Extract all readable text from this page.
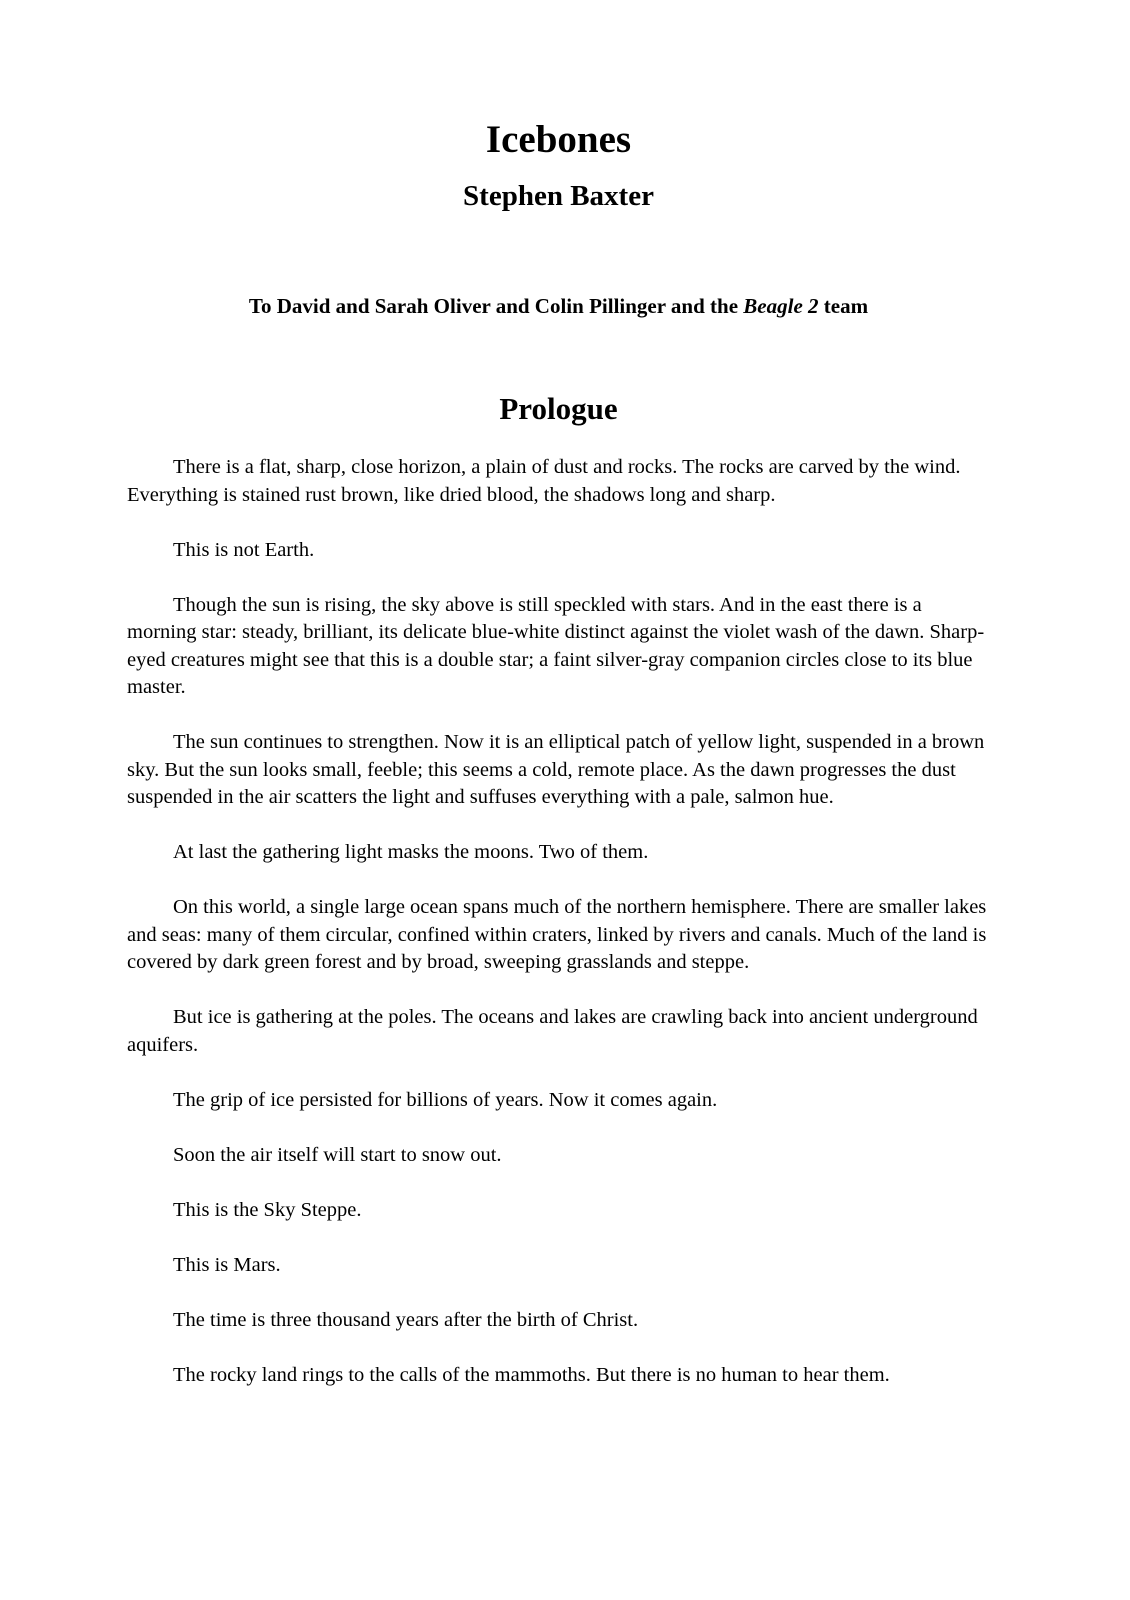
Icebones
Stephen Baxter
To David and Sarah Oliver and Colin Pillinger and the Beagle 2 team
Prologue

There is a flat, sharp, close horizon, a plain of dust and rocks. The rocks are carved by the wind. Everything is stained rust brown, like dried blood, the shadows long and sharp.

This is not Earth.

Though the sun is rising, the sky above is still speckled with stars. And in the east there is a morning star: steady, brilliant, its delicate blue-white distinct against the violet wash of the dawn. Sharp-eyed creatures might see that this is a double star; a faint silver-gray companion circles close to its blue master.

The sun continues to strengthen. Now it is an elliptical patch of yellow light, suspended in a brown sky. But the sun looks small, feeble; this seems a cold, remote place. As the dawn progresses the dust suspended in the air scatters the light and suffuses everything with a pale, salmon hue.

At last the gathering light masks the moons. Two of them.

On this world, a single large ocean spans much of the northern hemisphere. There are smaller lakes and seas: many of them circular, confined within craters, linked by rivers and canals. Much of the land is covered by dark green forest and by broad, sweeping grasslands and steppe.

But ice is gathering at the poles. The oceans and lakes are crawling back into ancient underground aquifers.

The grip of ice persisted for billions of years. Now it comes again.

Soon the air itself will start to snow out.

This is the Sky Steppe.

This is Mars.

The time is three thousand years after the birth of Christ.

The rocky land rings to the calls of the mammoths. But there is no human to hear them.
